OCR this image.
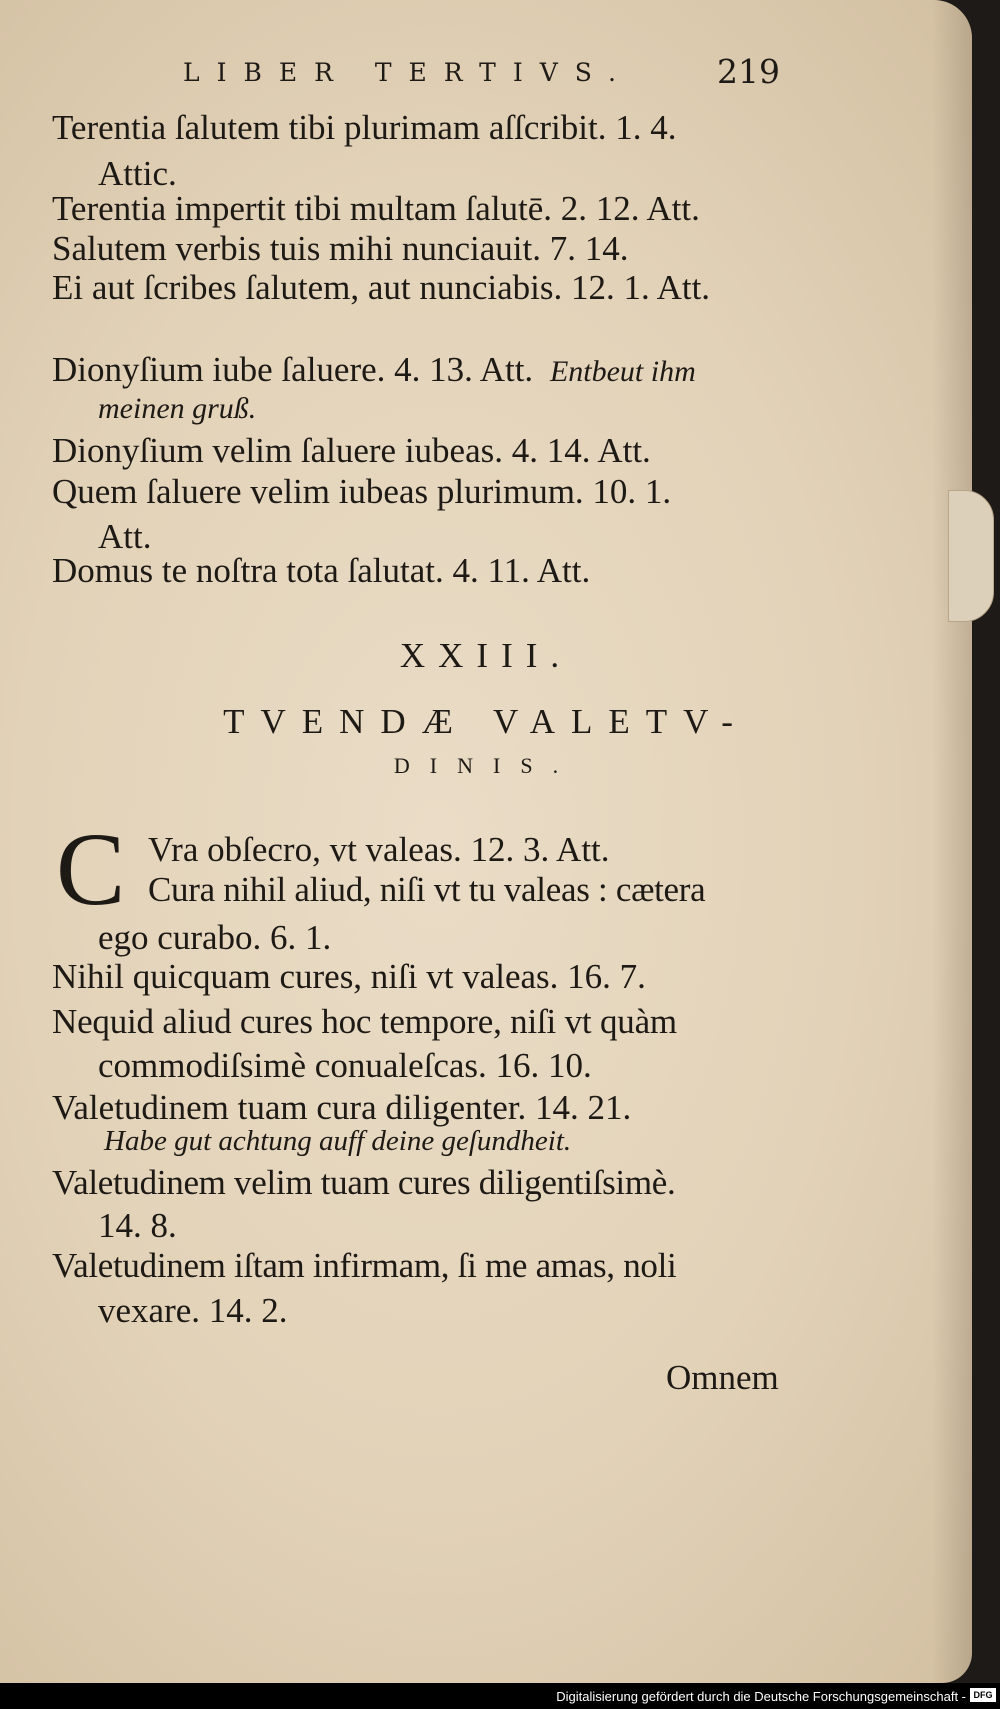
LIBER TERTIVS.	219
Terentia ſalutem tibi plurimam aſſcribit. 1. 4.
Attic.
Terentia impertit tibi multam ſalutē. 2. 12. Att.
Salutem verbis tuis mihi nunciauit. 7. 14.
Ei aut ſcribes ſalutem, aut nunciabis. 12. 1. Att.
Dionyſium iube ſaluere. 4. 13. Att. Entbeut ihm
meinen gruß.
Dionyſium velim ſaluere iubeas. 4. 14. Att.
Quem ſaluere velim iubeas plurimum. 10. 1.
Att.
Domus te noſtra tota ſalutat. 4. 11. Att.
XXIII.
TVENDÆ VALETV-
DINIS.
C Vra obſecro, vt valeas. 12. 3. Att.
Cura nihil aliud, niſi vt tu valeas : cætera
ego curabo. 6. 1.
Nihil quicquam cures, niſi vt valeas. 16. 7.
Nequid aliud cures hoc tempore, niſi vt quàm
commodiſsimè conualeſcas. 16. 10.
Valetudinem tuam cura diligenter. 14. 21.
Habe gut achtung auff deine geſundheit.
Valetudinem velim tuam cures diligentiſsimè.
14. 8.
Valetudinem iſtam infirmam, ſi me amas, noli
vexare. 14. 2.
Omnem
Digitalisierung gefördert durch die Deutsche Forschungsgemeinschaft - DFG
